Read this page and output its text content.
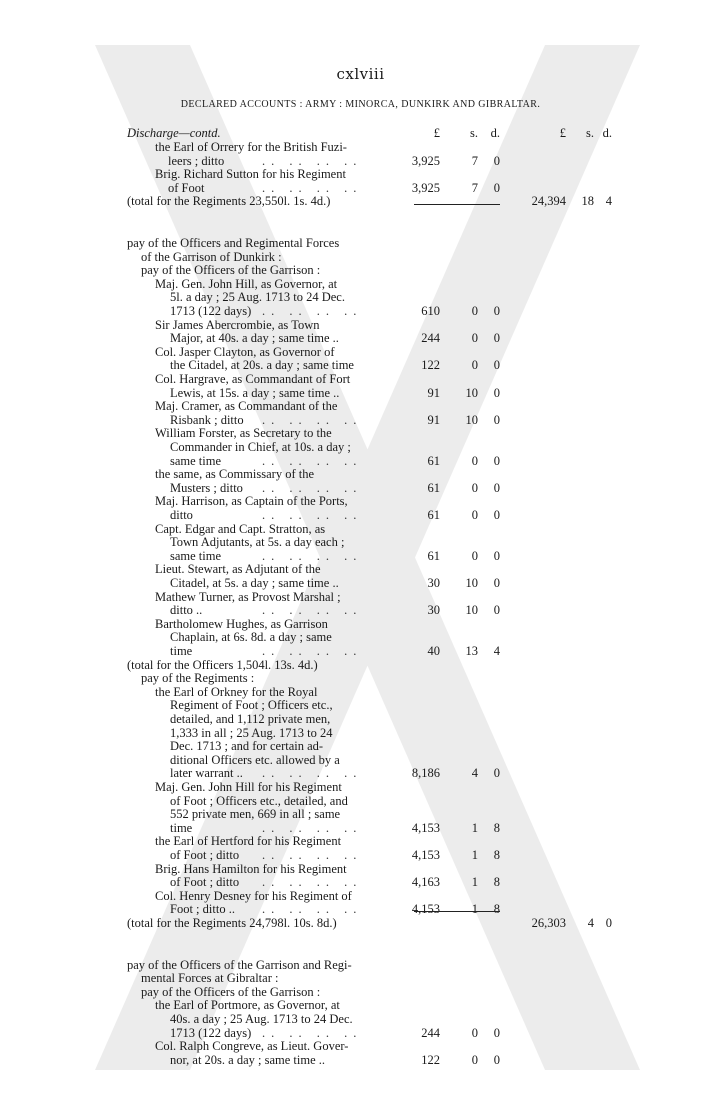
cxlviii
DECLARED ACCOUNTS : ARMY : MINORCA, DUNKIRK AND GIBRALTAR.
Discharge—contd.	£	s.	d.	£	s. d.
the Earl of Orrery for the British Fuzi-
leers ; ditto	.. .. .. ..	3,925	7	0
Brig. Richard Sutton for his Regiment
of Foot	.. .. .. ..	3,925	7	0
(total for the Regiments 23,550l. 1s. 4d.)	24,394	18 4
pay of the Officers and Regimental Forces
of the Garrison of Dunkirk :
pay of the Officers of the Garrison :
Maj. Gen. John Hill, as Governor, at
5l. a day ; 25 Aug. 1713 to 24 Dec.
1713 (122 days) .. .. .. ..	610	0	0
Sir James Abercrombie, as Town
Major, at 40s. a day ; same time ..	244	0	0
Col. Jasper Clayton, as Governor of
the Citadel, at 20s. a day ; same time	122	0	0
Col. Hargrave, as Commandant of Fort
Lewis, at 15s. a day ; same time ..	91	10	0
Maj. Cramer, as Commandant of the
Risbank ; ditto .. .. .. ..	91	10	0
William Forster, as Secretary to the
Commander in Chief, at 10s. a day ;
same time	.. .. .. ..	61	0	0
the same, as Commissary of the
Musters ; ditto .. .. .. ..	61	0	0
Maj. Harrison, as Captain of the Ports,
ditto	.. .. .. ..	61	0	0
Capt. Edgar and Capt. Stratton, as
Town Adjutants, at 5s. a day each ;
same time	.. .. .. ..	61	0	0
Lieut. Stewart, as Adjutant of the
Citadel, at 5s. a day ; same time ..	30	10	0
Mathew Turner, as Provost Marshal ;
ditto ..	.. .. .. ..	30	10	0
Bartholomew Hughes, as Garrison
Chaplain, at 6s. 8d. a day ; same
time	.. .. .. ..	40	13	4
(total for the Officers 1,504l. 13s. 4d.)
pay of the Regiments :
the Earl of Orkney for the Royal
Regiment of Foot ; Officers etc.,
detailed, and 1,112 private men,
1,333 in all ; 25 Aug. 1713 to 24
Dec. 1713 ; and for certain ad-
ditional Officers etc. allowed by a
later warrant .. .. .. .. ..	8,186	4	0
Maj. Gen. John Hill for his Regiment
of Foot ; Officers etc., detailed, and
552 private men, 669 in all ; same
time	.. .. .. ..	4,153	1	8
the Earl of Hertford for his Regiment
of Foot ; ditto .. .. .. ..	4,153	1	8
Brig. Hans Hamilton for his Regiment
of Foot ; ditto .. .. .. ..	4,163	1	8
Col. Henry Desney for his Regiment of
Foot ; ditto .. .. .. .. ..	4,153	1	8
(total for the Regiments 24,798l. 10s. 8d.)	26,303	4 0
pay of the Officers of the Garrison and Regi-
mental Forces at Gibraltar :
pay of the Officers of the Garrison :
the Earl of Portmore, as Governor, at
40s. a day ; 25 Aug. 1713 to 24 Dec.
1713 (122 days) .. .. .. ..	244	0	0
Col. Ralph Congreve, as Lieut. Gover-
nor, at 20s. a day ; same time ..	122	0	0
